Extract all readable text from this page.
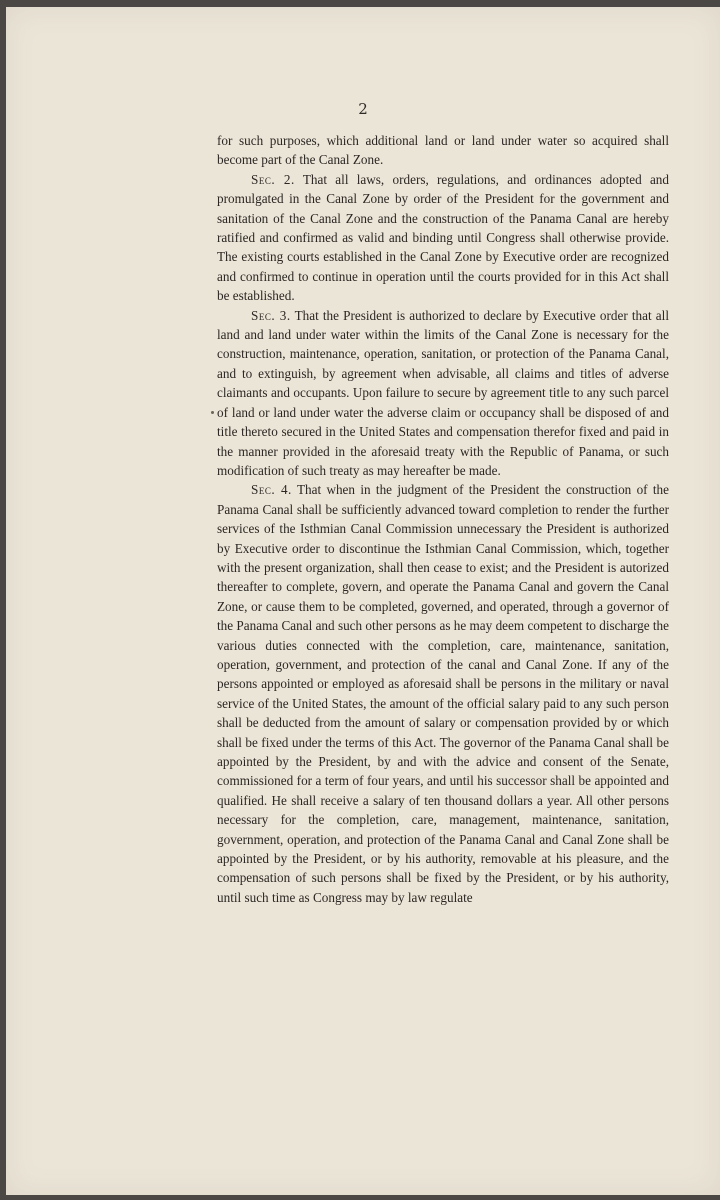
2

for such purposes, which additional land or land under water so acquired shall become part of the Canal Zone.

Sec. 2. That all laws, orders, regulations, and ordinances adopted and promulgated in the Canal Zone by order of the President for the government and sanitation of the Canal Zone and the construction of the Panama Canal are hereby ratified and confirmed as valid and binding until Congress shall otherwise provide. The existing courts established in the Canal Zone by Executive order are recognized and confirmed to continue in operation until the courts provided for in this Act shall be established.

Sec. 3. That the President is authorized to declare by Executive order that all land and land under water within the limits of the Canal Zone is necessary for the construction, maintenance, operation, sanitation, or protection of the Panama Canal, and to extinguish, by agreement when advisable, all claims and titles of adverse claimants and occupants. Upon failure to secure by agreement title to any such parcel of land or land under water the adverse claim or occupancy shall be disposed of and title thereto secured in the United States and compensation therefor fixed and paid in the manner provided in the aforesaid treaty with the Republic of Panama, or such modification of such treaty as may hereafter be made.

Sec. 4. That when in the judgment of the President the construction of the Panama Canal shall be sufficiently advanced toward completion to render the further services of the Isthmian Canal Commission unnecessary the President is authorized by Executive order to discontinue the Isthmian Canal Commission, which, together with the present organization, shall then cease to exist; and the President is autorized thereafter to complete, govern, and operate the Panama Canal and govern the Canal Zone, or cause them to be completed, governed, and operated, through a governor of the Panama Canal and such other persons as he may deem competent to discharge the various duties connected with the completion, care, maintenance, sanitation, operation, government, and protection of the canal and Canal Zone. If any of the persons appointed or employed as aforesaid shall be persons in the military or naval service of the United States, the amount of the official salary paid to any such person shall be deducted from the amount of salary or compensation provided by or which shall be fixed under the terms of this Act. The governor of the Panama Canal shall be appointed by the President, by and with the advice and consent of the Senate, commissioned for a term of four years, and until his successor shall be appointed and qualified. He shall receive a salary of ten thousand dollars a year. All other persons necessary for the completion, care, management, maintenance, sanitation, government, operation, and protection of the Panama Canal and Canal Zone shall be appointed by the President, or by his authority, removable at his pleasure, and the compensation of such persons shall be fixed by the President, or by his authority, until such time as Congress may by law regulate
